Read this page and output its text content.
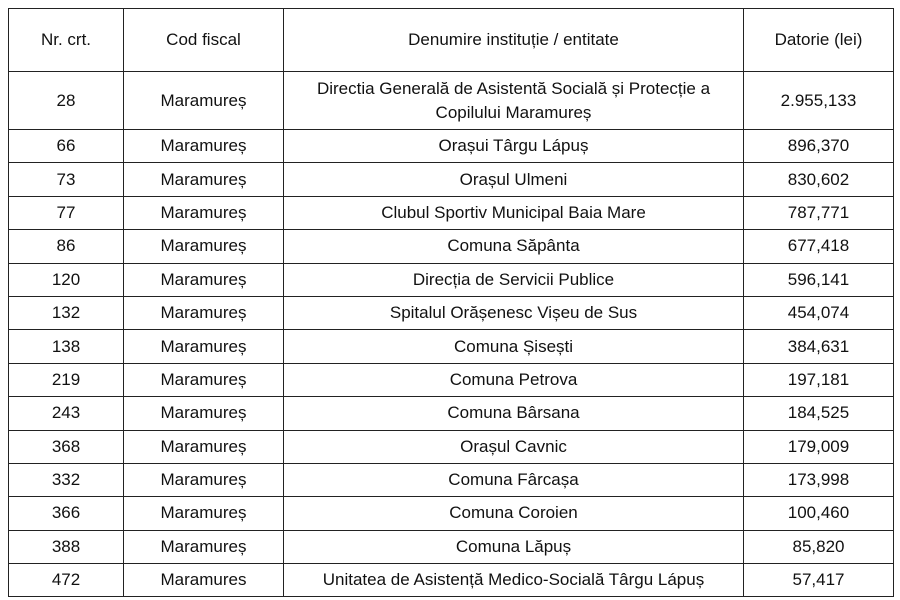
Nr. crt.	Cod fiscal	Denumire instituție / entitate	Datorie (lei)
28	Maramureș	Directia Generală de Asistentă Socială și Protecție a Copilului Maramureș	2.955,133
66	Maramureș	Orașui Târgu Lápuș	896,370
73	Maramureș	Orașul Ulmeni	830,602
77	Maramureș	Clubul Sportiv Municipal Baia Mare	787,771
86	Maramureș	Comuna Săpânta	677,418
120	Maramureș	Direcția de Servicii Publice	596,141
132	Maramureș	Spitalul Orășenesc Vișeu de Sus	454,074
138	Maramureș	Comuna Șisești	384,631
219	Maramureș	Comuna Petrova	197,181
243	Maramureș	Comuna Bârsana	184,525
368	Maramureș	Orașul Cavnic	179,009
332	Maramureș	Comuna Fârcașa	173,998
366	Maramureș	Comuna Coroien	100,460
388	Maramureș	Comuna Lăpuș	85,820
472	Maramures	Unitatea de Asistență Medico-Socială Târgu Lápuș	57,417
